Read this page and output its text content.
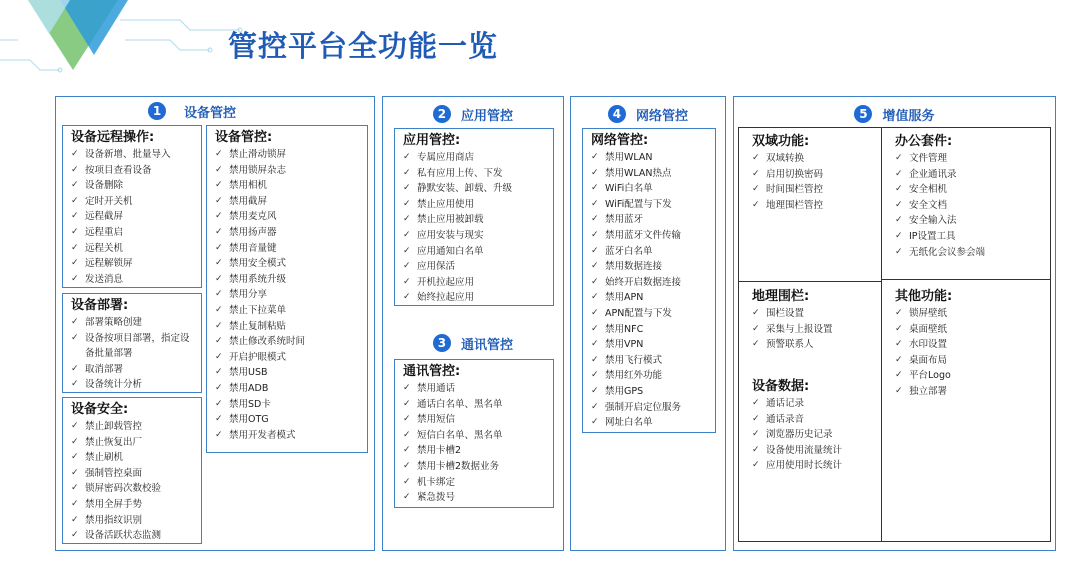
管控平台全功能一览
1	设备管控
设备远程操作:
✓ 设备新增、批量导入
✓ 按项目查看设备
✓ 设备删除
✓ 定时开关机
✓ 远程截屏
✓ 远程重启
✓ 远程关机
✓ 远程解锁屏
✓ 发送消息
设备部署:
✓ 部署策略创建
✓ 设备按项目部署，指定设备批量部署
✓ 取消部署
✓ 设备统计分析
设备安全:
✓ 禁止卸载管控
✓ 禁止恢复出厂
✓ 禁止刷机
✓ 强制管控桌面
✓ 锁屏密码次数校验
✓ 禁用全屏手势
✓ 禁用指纹识别
✓ 设备活跃状态监测
设备管控:
✓ 禁止滑动锁屏
✓ 禁用锁屏杂志
✓ 禁用相机
✓ 禁用截屏
✓ 禁用麦克风
✓ 禁用扬声器
✓ 禁用音量键
✓ 禁用安全模式
✓ 禁用系统升级
✓ 禁用分享
✓ 禁止下拉菜单
✓ 禁止复制粘贴
✓ 禁止修改系统时间
✓ 开启护眼模式
✓ 禁用USB
✓ 禁用ADB
✓ 禁用SD卡
✓ 禁用OTG
✓ 禁用开发者模式
2	应用管控
应用管控:
✓ 专属应用商店
✓ 私有应用上传、下发
✓ 静默安装、卸载、升级
✓ 禁止应用使用
✓ 禁止应用被卸载
✓ 应用安装与现实
✓ 应用通知白名单
✓ 应用保活
✓ 开机拉起应用
✓ 始终拉起应用
3	通讯管控
通讯管控:
✓ 禁用通话
✓ 通话白名单、黑名单
✓ 禁用短信
✓ 短信白名单、黑名单
✓ 禁用卡槽2
✓ 禁用卡槽2数据业务
✓ 机卡绑定
✓ 紧急拨号
4	网络管控
网络管控:
✓ 禁用WLAN
✓ 禁用WLAN热点
✓ WiFi白名单
✓ WiFi配置与下发
✓ 禁用蓝牙
✓ 禁用蓝牙文件传输
✓ 蓝牙白名单
✓ 禁用数据连接
✓ 始终开启数据连接
✓ 禁用APN
✓ APN配置与下发
✓ 禁用NFC
✓ 禁用VPN
✓ 禁用飞行模式
✓ 禁用红外功能
✓ 禁用GPS
✓ 强制开启定位服务
✓ 网址白名单
5	增值服务
双域功能:
✓ 双域转换
✓ 启用切换密码
✓ 时间围栏管控
✓ 地理围栏管控
办公套件:
✓ 文件管理
✓ 企业通讯录
✓ 安全相机
✓ 安全文档
✓ 安全输入法
✓ IP设置工具
✓ 无纸化会议参会端
地理围栏:
✓ 围栏设置
✓ 采集与上报设置
✓ 预警联系人
其他功能:
✓ 锁屏壁纸
✓ 桌面壁纸
✓ 水印设置
✓ 桌面布局
✓ 平台Logo
✓ 独立部署
设备数据:
✓ 通话记录
✓ 通话录音
✓ 浏览器历史记录
✓ 设备使用流量统计
✓ 应用使用时长统计
